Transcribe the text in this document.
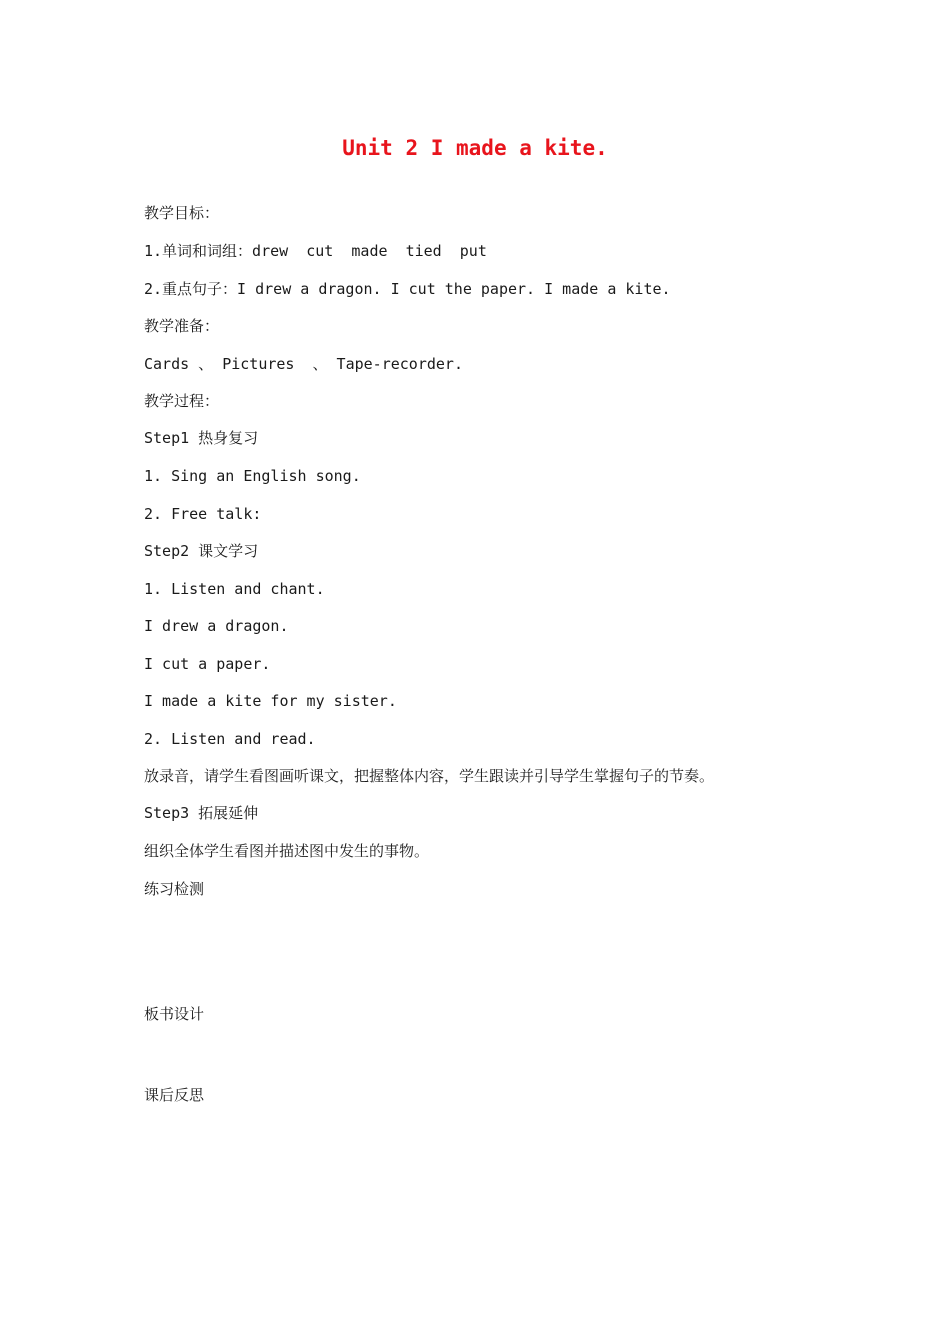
Unit 2 I made a kite.
教学目标：
1.单词和词组：drew  cut  made  tied  put
2.重点句子：I drew a dragon. I cut the paper. I made a kite.
教学准备：
Cards 、 Pictures  、 Tape-recorder.
教学过程：
Step1 热身复习
1. Sing an English song.
2. Free talk:
Step2 课文学习
1. Listen and chant.
I drew a dragon.
I cut a paper.
I made a kite for my sister.
2. Listen and read.
放录音，请学生看图画听课文，把握整体内容，学生跟读并引导学生掌握句子的节奏。
Step3 拓展延伸
组织全体学生看图并描述图中发生的事物。
练习检测
板书设计
课后反思
